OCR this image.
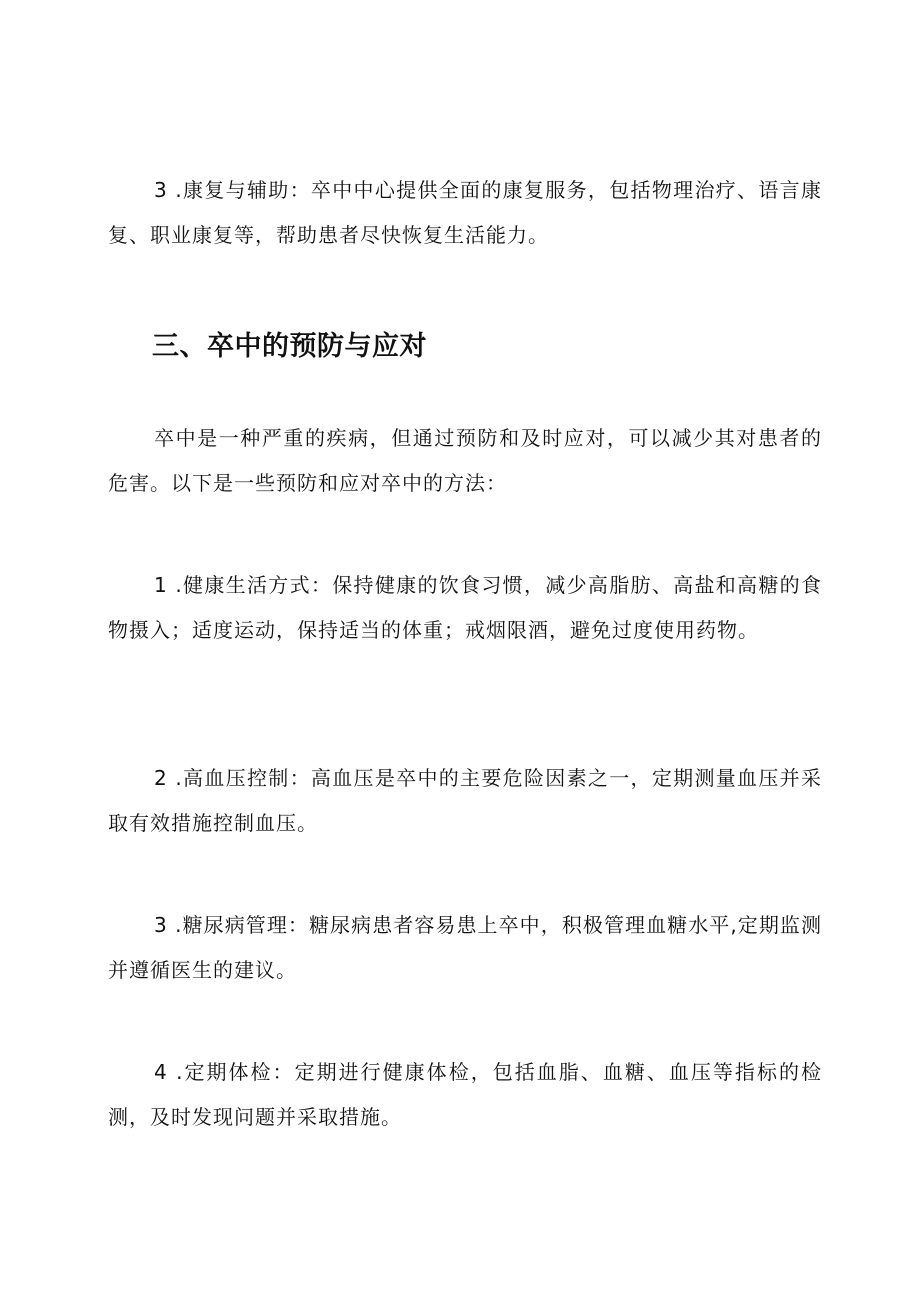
3 .康复与辅助：卒中中心提供全面的康复服务，包括物理治疗、语言康复、职业康复等，帮助患者尽快恢复生活能力。

三、卒中的预防与应对

卒中是一种严重的疾病，但通过预防和及时应对，可以减少其对患者的危害。以下是一些预防和应对卒中的方法：

1 .健康生活方式：保持健康的饮食习惯，减少高脂肪、高盐和高糖的食物摄入；适度运动，保持适当的体重；戒烟限酒，避免过度使用药物。

2 .高血压控制：高血压是卒中的主要危险因素之一，定期测量血压并采取有效措施控制血压。

3 .糖尿病管理：糖尿病患者容易患上卒中，积极管理血糖水平,定期监测并遵循医生的建议。

4 .定期体检：定期进行健康体检，包括血脂、血糖、血压等指标的检测，及时发现问题并采取措施。
